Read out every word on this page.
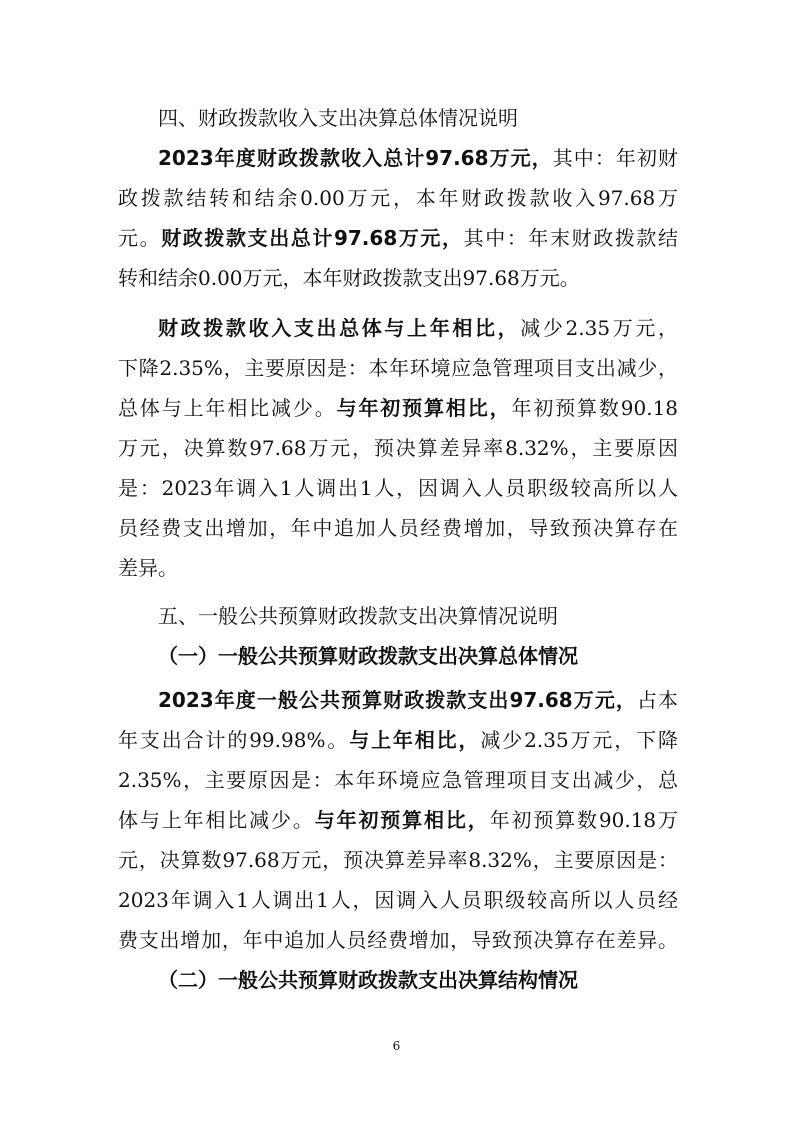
四、财政拨款收入支出决算总体情况说明
2023年度财政拨款收入总计97.68万元，其中：年初财
政拨款结转和结余0.00万元，本年财政拨款收入97.68万
元。财政拨款支出总计97.68万元，其中：年末财政拨款结
转和结余0.00万元，本年财政拨款支出97.68万元。
财政拨款收入支出总体与上年相比，减少2.35万元，
下降2.35%，主要原因是：本年环境应急管理项目支出减少，
总体与上年相比减少。与年初预算相比，年初预算数90.18
万元，决算数97.68万元，预决算差异率8.32%，主要原因
是：2023年调入1人调出1人，因调入人员职级较高所以人
员经费支出增加，年中追加人员经费增加，导致预决算存在
差异。
五、一般公共预算财政拨款支出决算情况说明
（一）一般公共预算财政拨款支出决算总体情况
2023年度一般公共预算财政拨款支出97.68万元，占本
年支出合计的99.98%。与上年相比，减少2.35万元，下降
2.35%，主要原因是：本年环境应急管理项目支出减少，总
体与上年相比减少。与年初预算相比，年初预算数90.18万
元，决算数97.68万元，预决算差异率8.32%，主要原因是：
2023年调入1人调出1人，因调入人员职级较高所以人员经
费支出增加，年中追加人员经费增加，导致预决算存在差异。
（二）一般公共预算财政拨款支出决算结构情况
6
